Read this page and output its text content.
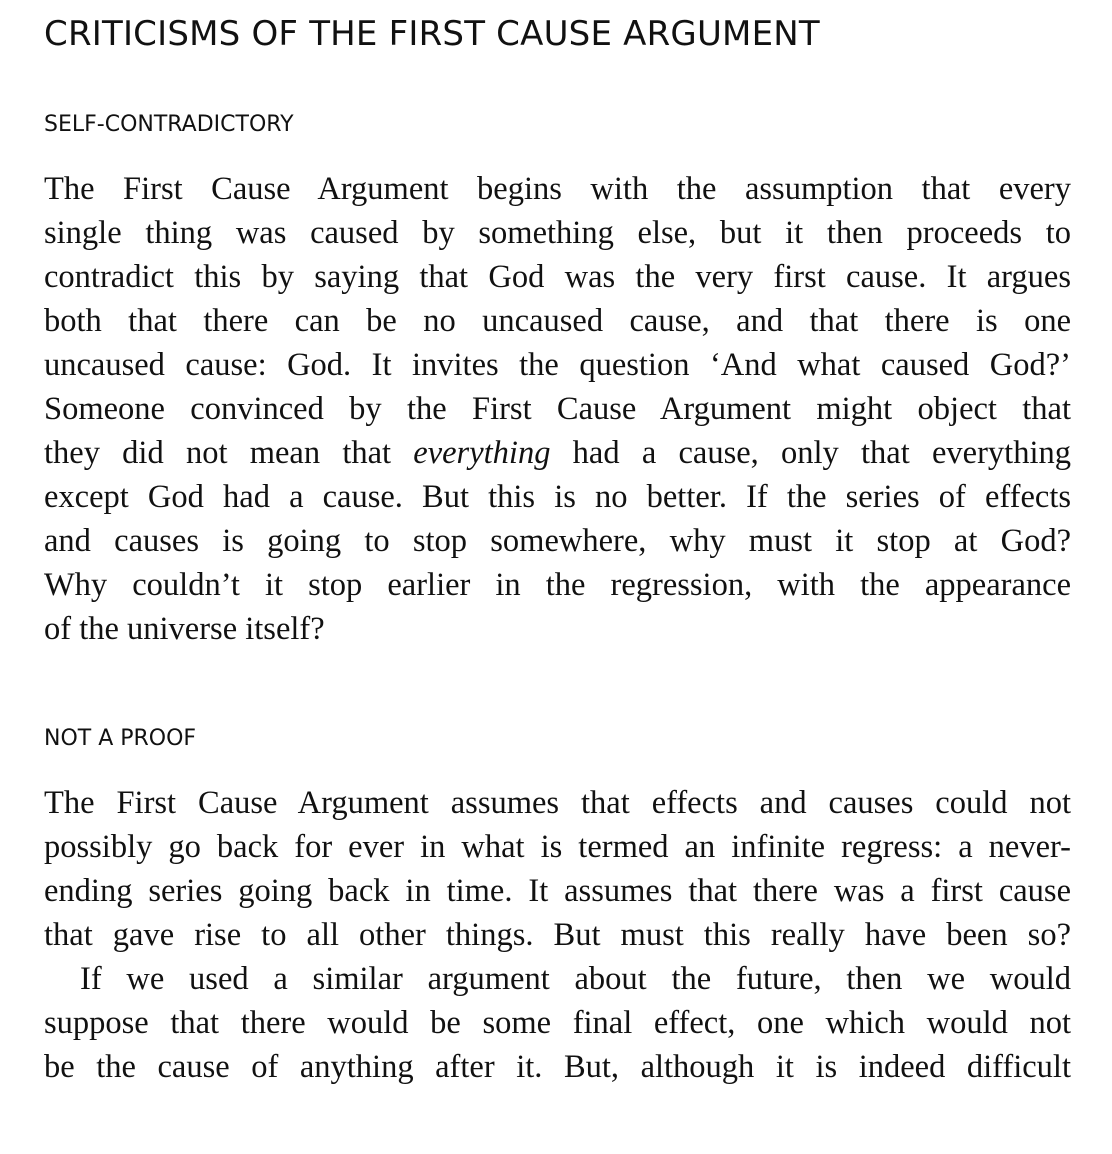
CRITICISMS OF THE FIRST CAUSE ARGUMENT
SELF-CONTRADICTORY

The First Cause Argument begins with the assumption that every
single thing was caused by something else, but it then proceeds to
contradict this by saying that God was the very first cause. It argues
both that there can be no uncaused cause, and that there is one
uncaused cause: God. It invites the question ‘And what caused God?’
Someone convinced by the First Cause Argument might object that
they did not mean that everything had a cause, only that everything
except God had a cause. But this is no better. If the series of effects
and causes is going to stop somewhere, why must it stop at God?
Why couldn’t it stop earlier in the regression, with the appearance
of the universe itself?

NOT A PROOF

The First Cause Argument assumes that effects and causes could not
possibly go back for ever in what is termed an infinite regress: a never-
ending series going back in time. It assumes that there was a first cause
that gave rise to all other things. But must this really have been so?

If we used a similar argument about the future, then we would
suppose that there would be some final effect, one which would not
be the cause of anything after it. But, although it is indeed difficult
